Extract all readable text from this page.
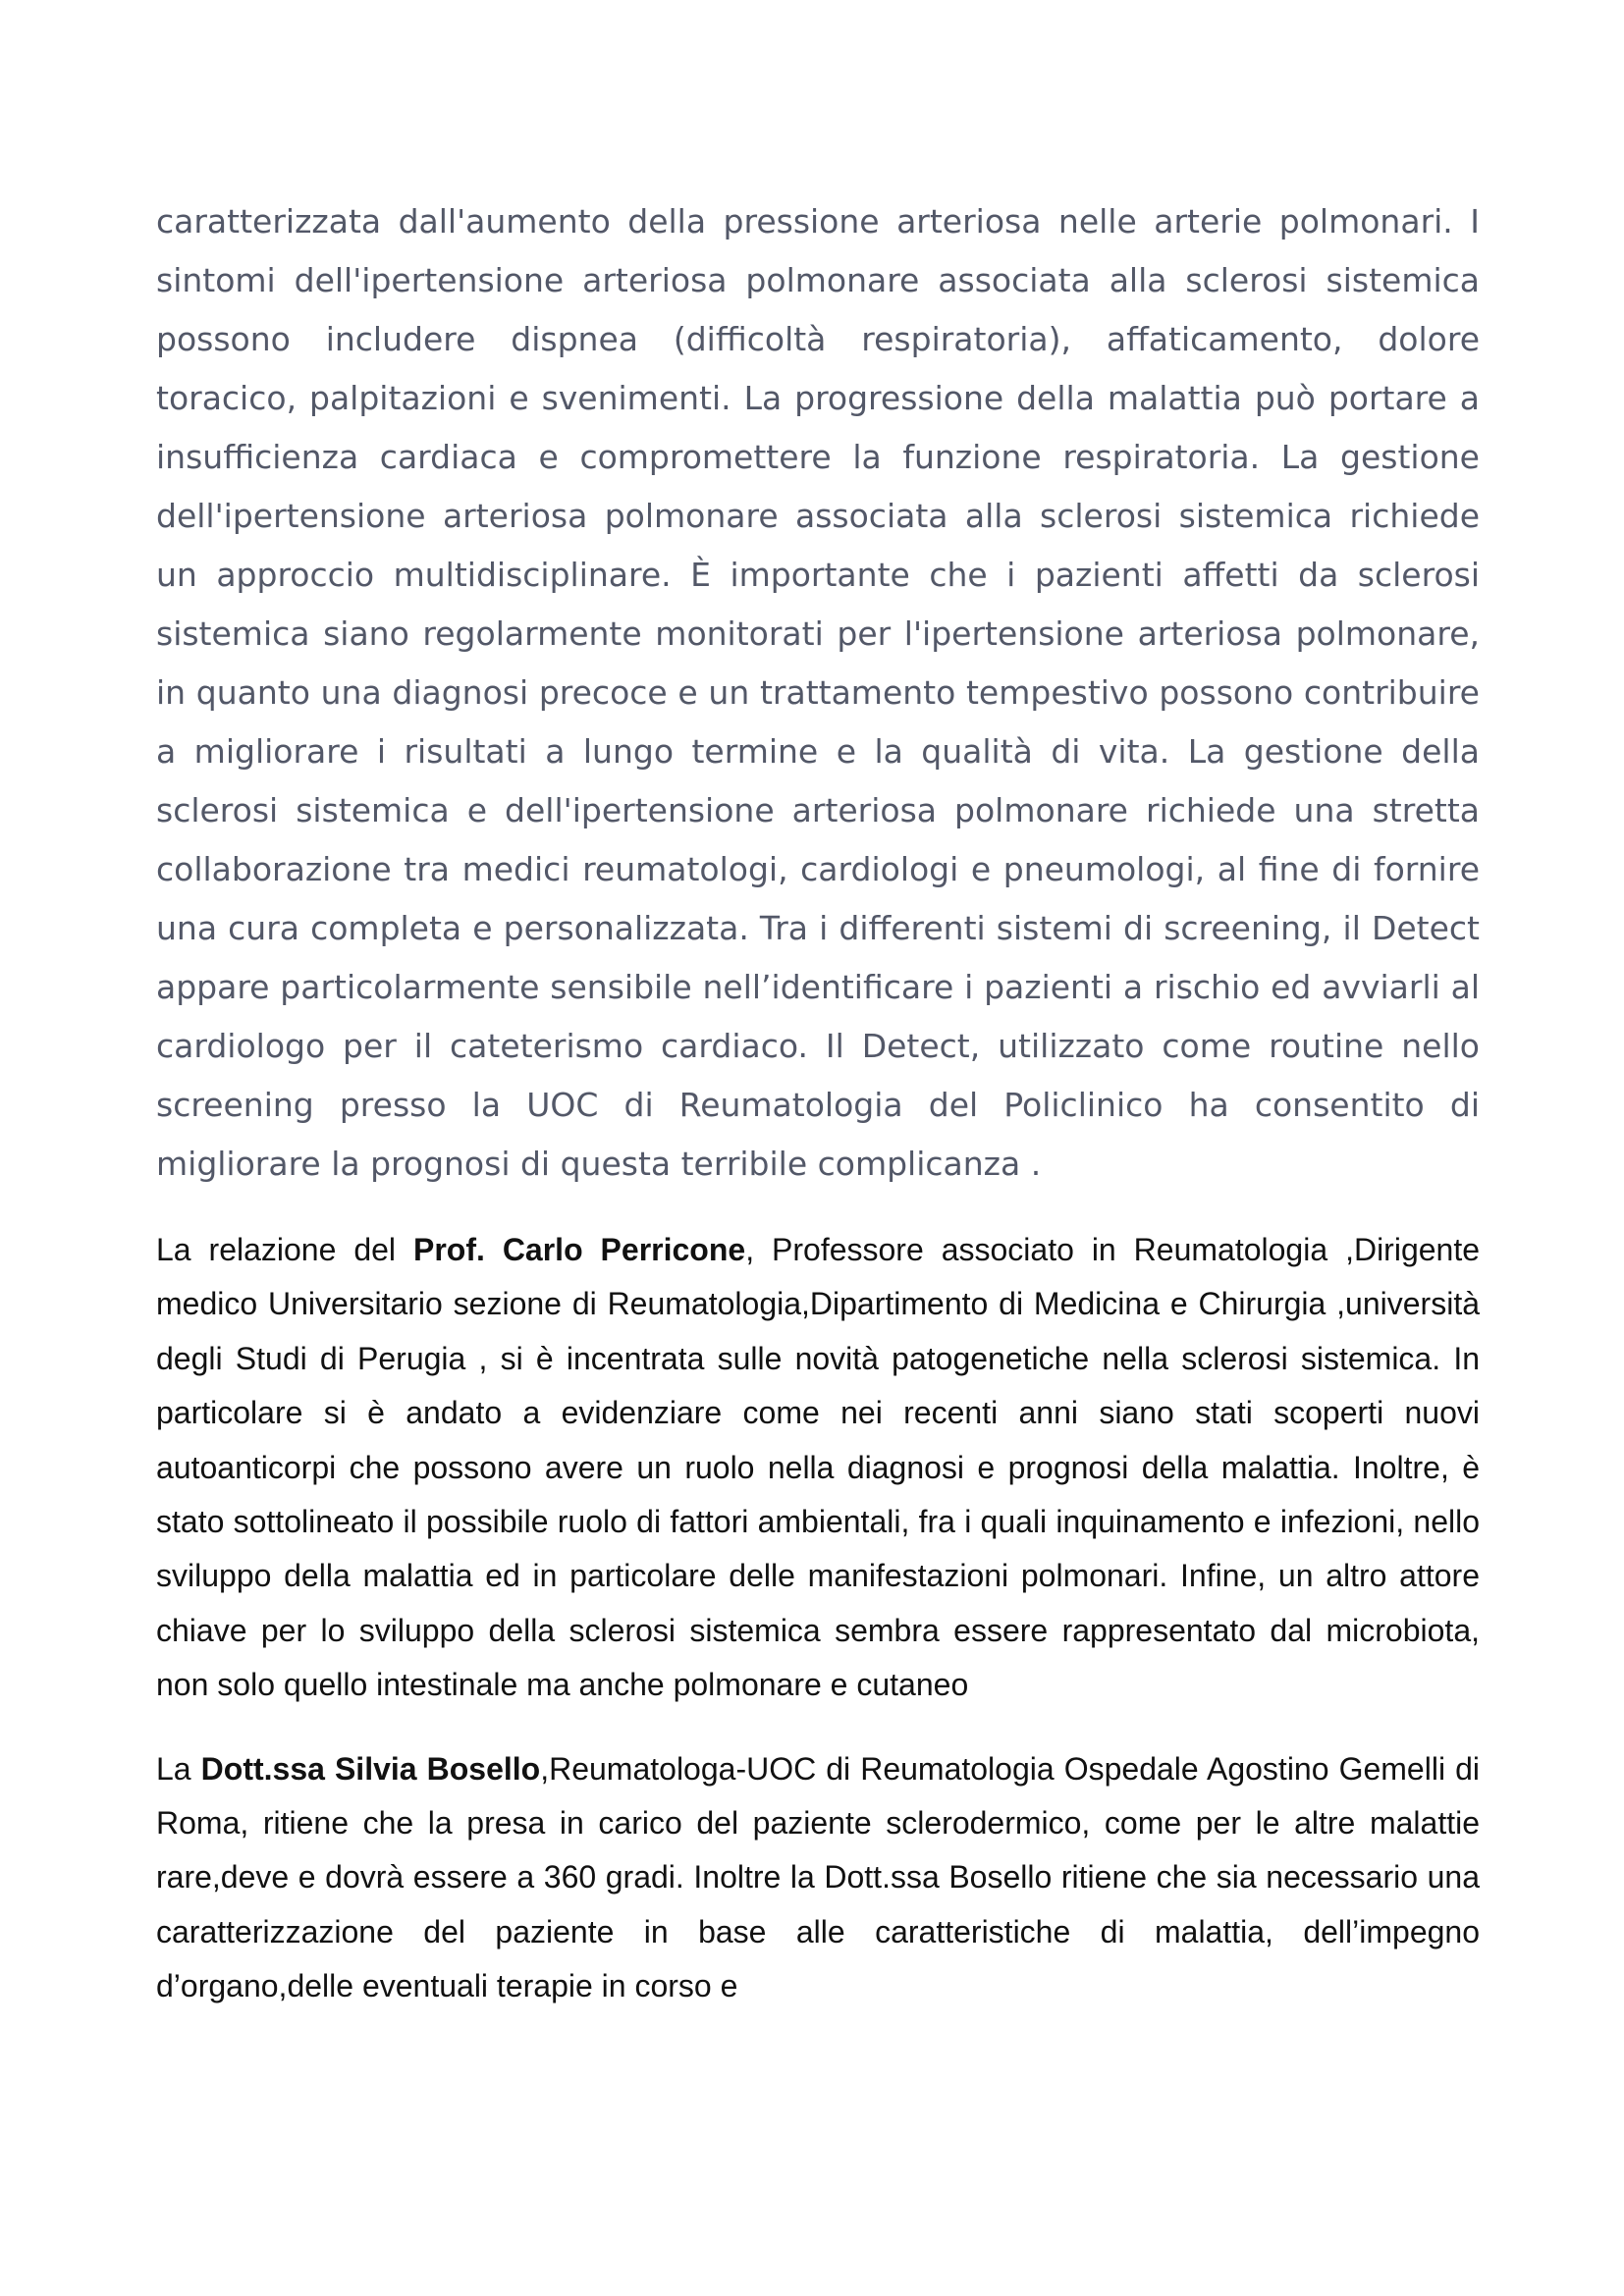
caratterizzata dall'aumento della pressione arteriosa nelle arterie polmonari. I sintomi dell'ipertensione arteriosa polmonare associata alla sclerosi sistemica possono includere dispnea (difficoltà respiratoria), affaticamento, dolore toracico, palpitazioni e svenimenti. La progressione della malattia può portare a insufficienza cardiaca e compromettere la funzione respiratoria. La gestione dell'ipertensione arteriosa polmonare associata alla sclerosi sistemica richiede un approccio multidisciplinare. È importante che i pazienti affetti da sclerosi sistemica siano regolarmente monitorati per l'ipertensione arteriosa polmonare, in quanto una diagnosi precoce e un trattamento tempestivo possono contribuire a migliorare i risultati a lungo termine e la qualità di vita. La gestione della sclerosi sistemica e dell'ipertensione arteriosa polmonare richiede una stretta collaborazione tra medici reumatologi, cardiologi e pneumologi, al fine di fornire una cura completa e personalizzata. Tra i differenti sistemi di screening, il Detect appare particolarmente sensibile nell’identificare i pazienti a rischio ed avviarli al cardiologo per il cateterismo cardiaco. Il Detect, utilizzato come routine nello screening presso la UOC di Reumatologia del Policlinico ha consentito di migliorare la prognosi di questa terribile complicanza .

La relazione del Prof. Carlo Perricone, Professore associato in Reumatologia ,Dirigente medico Universitario sezione di Reumatologia,Dipartimento di Medicina e Chirurgia ,università degli Studi di Perugia , si è incentrata sulle novità patogenetiche nella sclerosi sistemica. In particolare si è andato a evidenziare come nei recenti anni siano stati scoperti nuovi autoanticorpi che possono avere un ruolo nella diagnosi e prognosi della malattia. Inoltre, è stato sottolineato il possibile ruolo di fattori ambientali, fra i quali inquinamento e infezioni, nello sviluppo della malattia ed in particolare delle manifestazioni polmonari. Infine, un altro attore chiave per lo sviluppo della sclerosi sistemica sembra essere rappresentato dal microbiota, non solo quello intestinale ma anche polmonare e cutaneo

La Dott.ssa Silvia Bosello,Reumatologa-UOC di Reumatologia Ospedale Agostino Gemelli di Roma, ritiene che la presa in carico del paziente sclerodermico, come per le altre malattie rare,deve e dovrà essere a 360 gradi. Inoltre la Dott.ssa Bosello ritiene che sia necessario una caratterizzazione del paziente in base alle caratteristiche di malattia, dell’impegno d’organo,delle eventuali terapie in corso e
